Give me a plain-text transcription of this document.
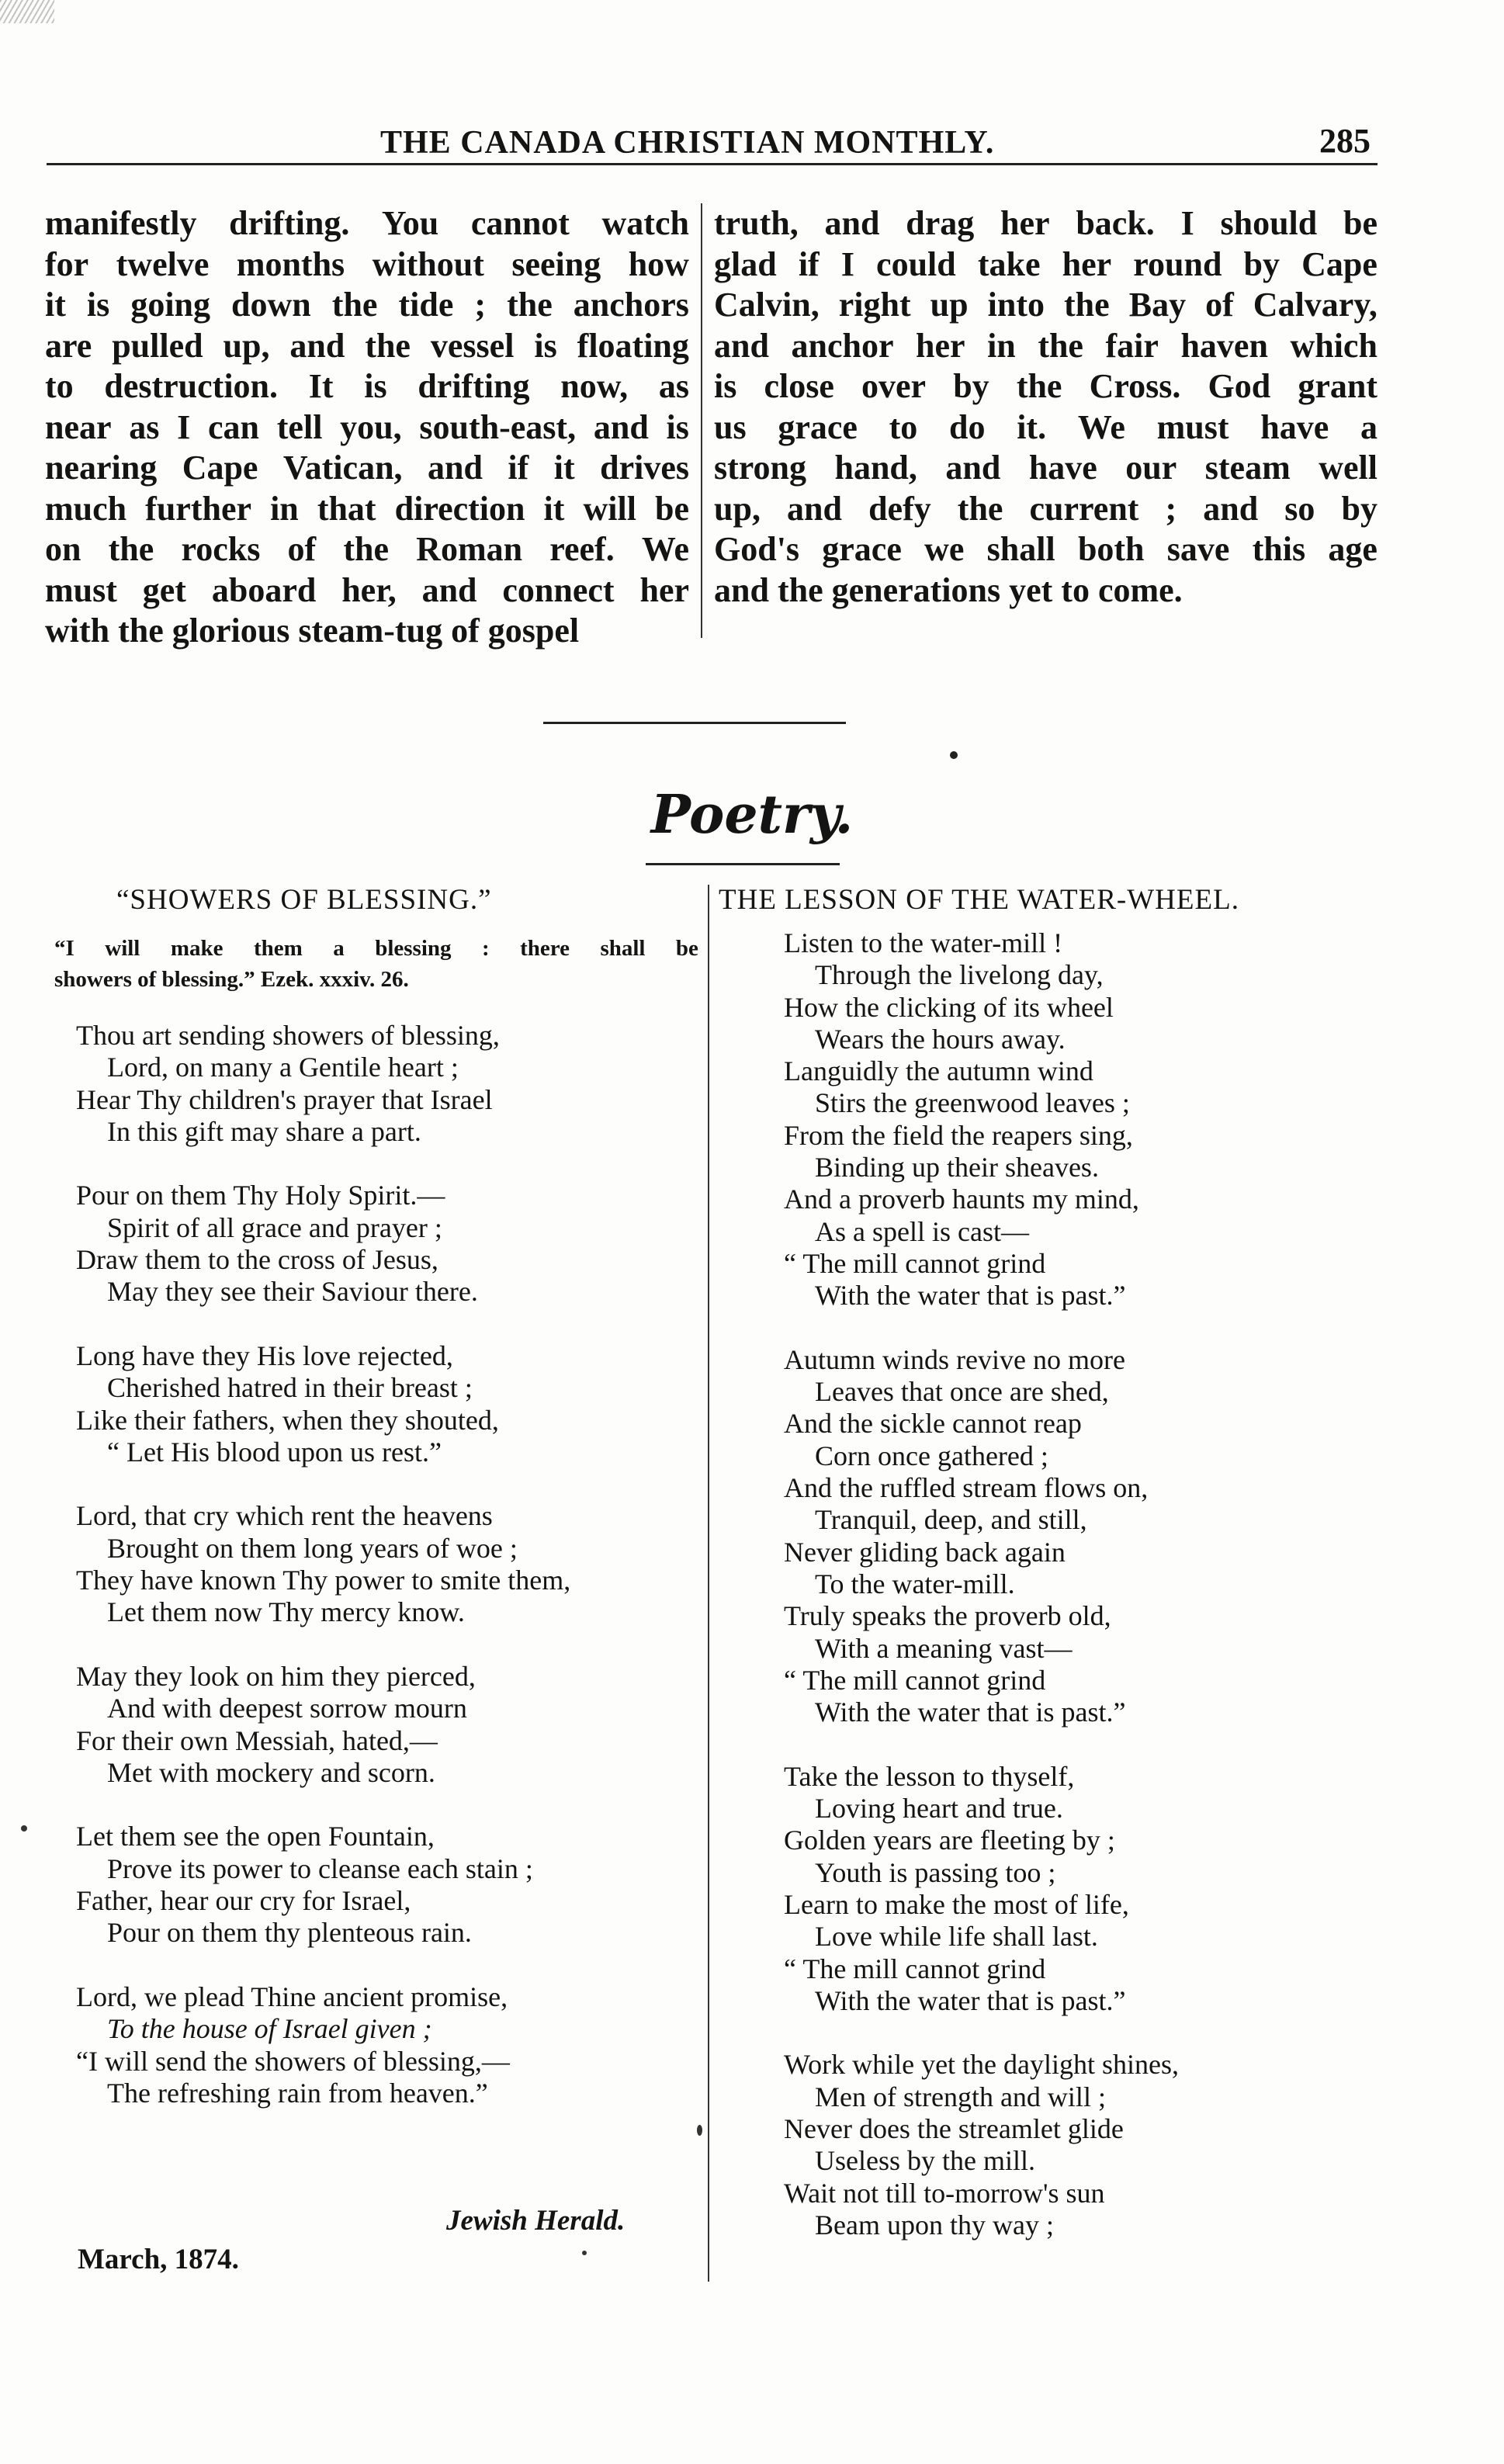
THE CANADA CHRISTIAN MONTHLY.	285
manifestly drifting. You cannot watch
for twelve months without seeing how
it is going down the tide ; the anchors
are pulled up, and the vessel is floating
to destruction. It is drifting now, as
near as I can tell you, south-east, and is
nearing Cape Vatican, and if it drives
much further in that direction it will be
on the rocks of the Roman reef. We
must get aboard her, and connect her
with the glorious steam-tug of gospel
truth, and drag her back. I should be
glad if I could take her round by Cape
Calvin, right up into the Bay of Calvary,
and anchor her in the fair haven which
is close over by the Cross. God grant
us grace to do it. We must have a
strong hand, and have our steam well
up, and defy the current ; and so by
God's grace we shall both save this age
and the generations yet to come.
Poetry.
“SHOWERS OF BLESSING.”	THE LESSON OF THE WATER-WHEEL.
“I will make them a blessing : there shall be
showers of blessing.” Ezek. xxxiv. 26.
Thou art sending showers of blessing,
Lord, on many a Gentile heart ;
Hear Thy children's prayer that Israel
In this gift may share a part.
Pour on them Thy Holy Spirit.—
Spirit of all grace and prayer ;
Draw them to the cross of Jesus,
May they see their Saviour there.
Long have they His love rejected,
Cherished hatred in their breast ;
Like their fathers, when they shouted,
“ Let His blood upon us rest.”
Lord, that cry which rent the heavens
Brought on them long years of woe ;
They have known Thy power to smite them,
Let them now Thy mercy know.
May they look on him they pierced,
And with deepest sorrow mourn
For their own Messiah, hated,—
Met with mockery and scorn.
Let them see the open Fountain,
Prove its power to cleanse each stain ;
Father, hear our cry for Israel,
Pour on them thy plenteous rain.
Lord, we plead Thine ancient promise,
To the house of Israel given ;
“I will send the showers of blessing,—
The refreshing rain from heaven.”
Listen to the water-mill !
Through the livelong day,
How the clicking of its wheel
Wears the hours away.
Languidly the autumn wind
Stirs the greenwood leaves ;
From the field the reapers sing,
Binding up their sheaves.
And a proverb haunts my mind,
As a spell is cast—
“ The mill cannot grind
With the water that is past.”
Autumn winds revive no more
Leaves that once are shed,
And the sickle cannot reap
Corn once gathered ;
And the ruffled stream flows on,
Tranquil, deep, and still,
Never gliding back again
To the water-mill.
Truly speaks the proverb old,
With a meaning vast—
“ The mill cannot grind
With the water that is past.”
Take the lesson to thyself,
Loving heart and true.
Golden years are fleeting by ;
Youth is passing too ;
Learn to make the most of life,
Love while life shall last.
“ The mill cannot grind
With the water that is past.”
Work while yet the daylight shines,
Men of strength and will ;
Never does the streamlet glide
Useless by the mill.
Wait not till to-morrow's sun
Beam upon thy way ;
Jewish Herald.
March, 1874.
